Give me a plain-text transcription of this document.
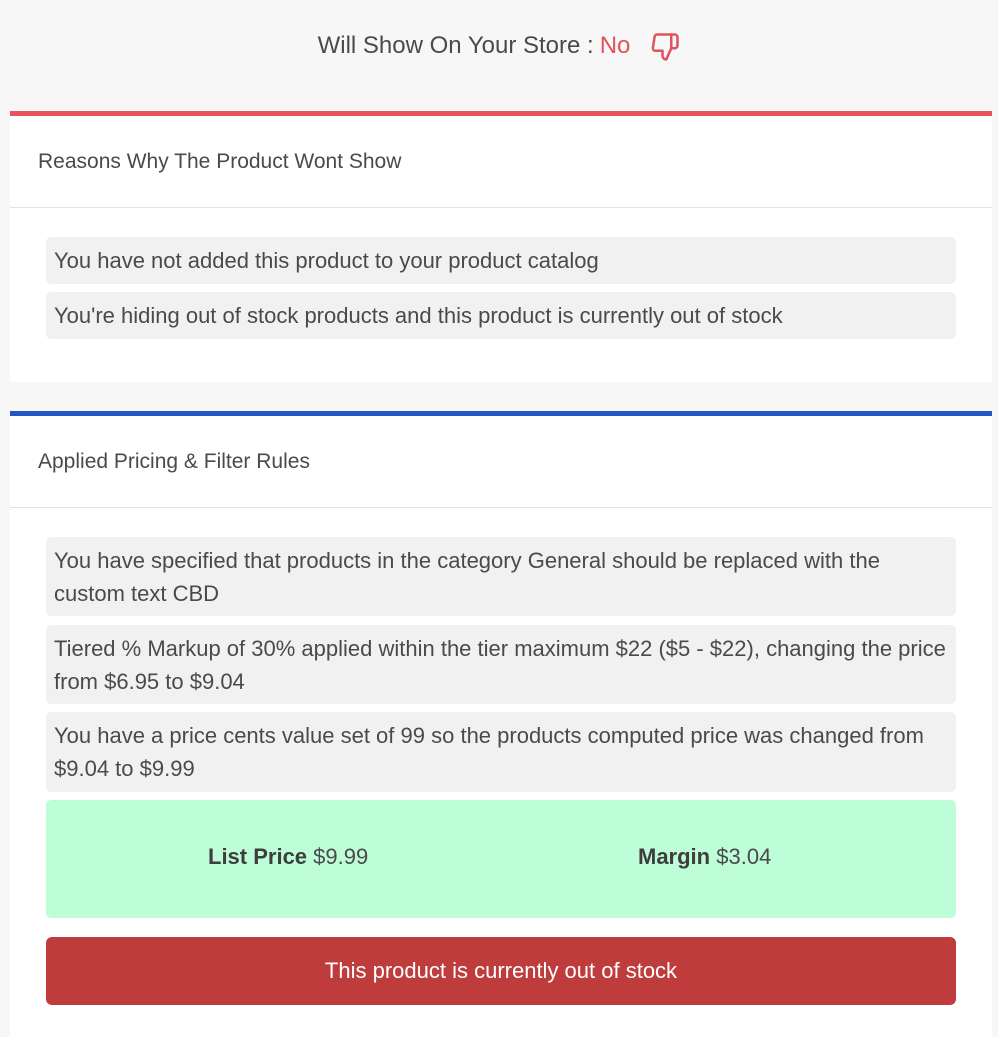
Will Show On Your Store : No
Reasons Why The Product Wont Show
You have not added this product to your product catalog
You're hiding out of stock products and this product is currently out of stock
Applied Pricing & Filter Rules
You have specified that products in the category General should be replaced with the custom text CBD
Tiered % Markup of 30% applied within the tier maximum $22 ($5 - $22), changing the price from $6.95 to $9.04
You have a price cents value set of 99 so the products computed price was changed from $9.04 to $9.99
List Price $9.99	Margin $3.04
This product is currently out of stock
